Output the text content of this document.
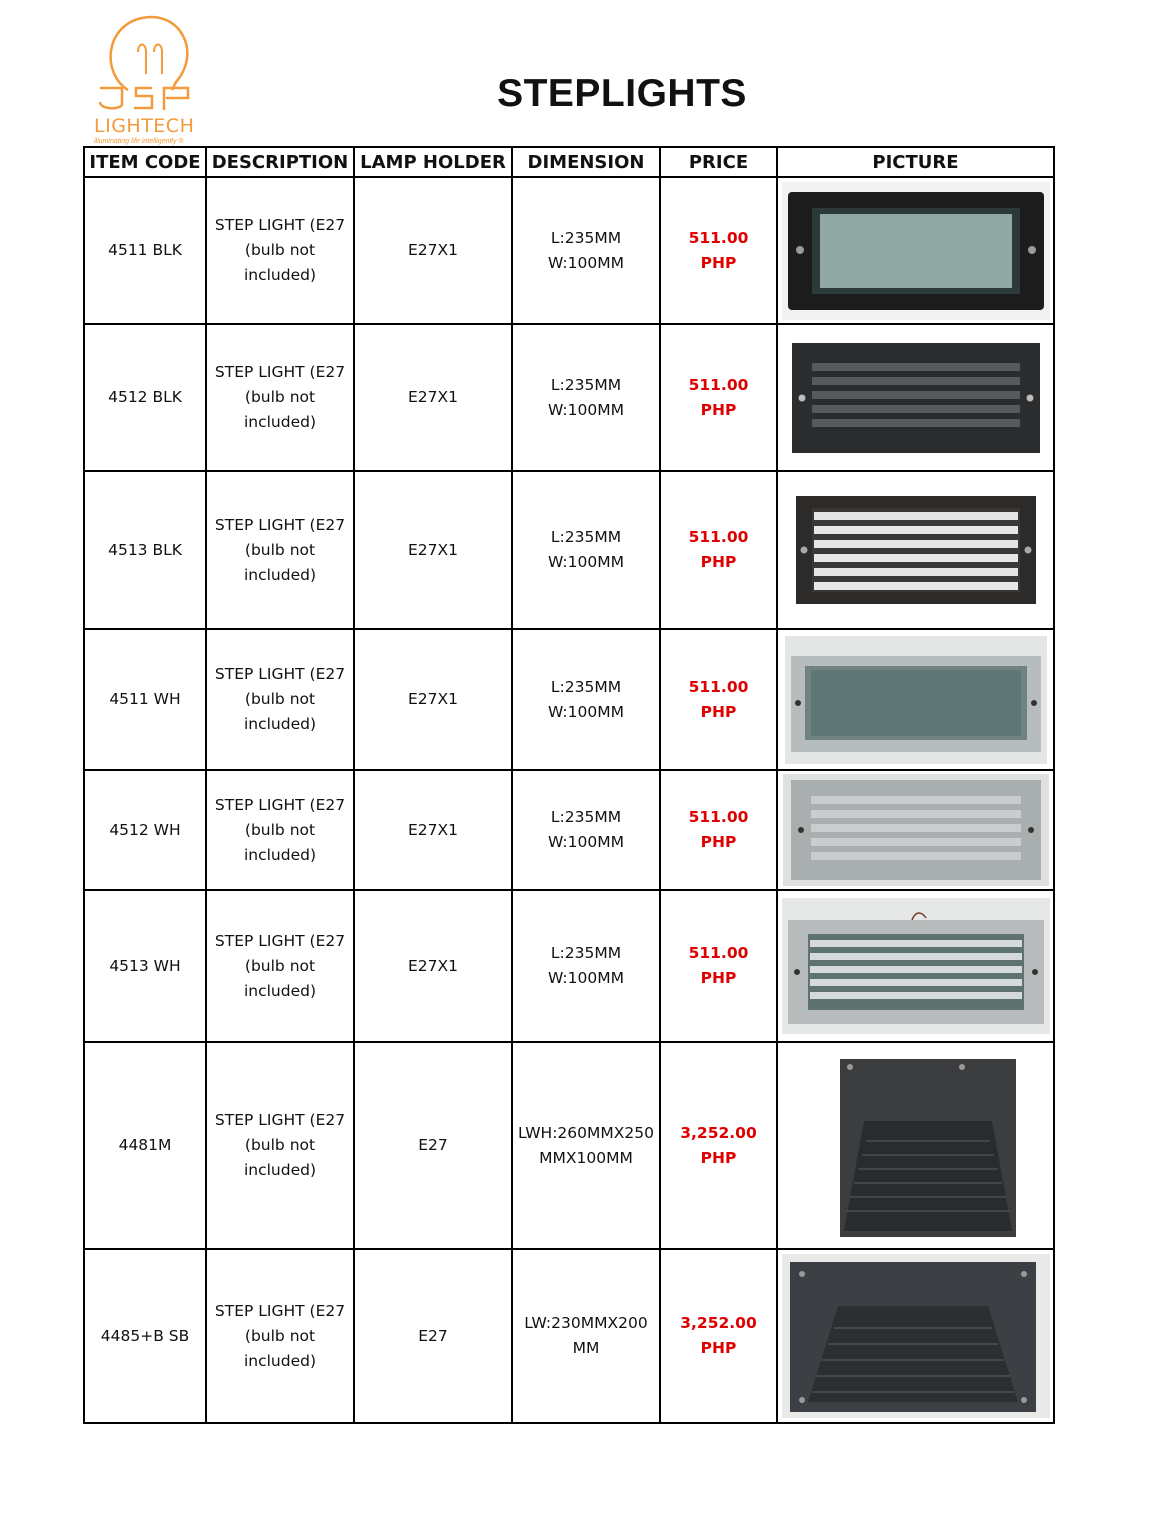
LIGHTECH
illuminating life intelligently ®
STEPLIGHTS
ITEM CODE	DESCRIPTION	LAMP HOLDER	DIMENSION	PRICE	PICTURE
4511 BLK	STEP LIGHT (E27
(bulb not
included)	E27X1	L:235MM
W:100MM	511.00
PHP	

4512 BLK	STEP LIGHT (E27
(bulb not
included)	E27X1	L:235MM
W:100MM	511.00
PHP	

4513 BLK	STEP LIGHT (E27
(bulb not
included)	E27X1	L:235MM
W:100MM	511.00
PHP	

4511 WH	STEP LIGHT (E27
(bulb not
included)	E27X1	L:235MM
W:100MM	511.00
PHP	

4512 WH	STEP LIGHT (E27
(bulb not
included)	E27X1	L:235MM
W:100MM	511.00
PHP	

4513 WH	STEP LIGHT (E27
(bulb not
included)	E27X1	L:235MM
W:100MM	511.00
PHP	

4481M	STEP LIGHT (E27
(bulb not
included)	E27	LWH:260MMX250
MMX100MM	3,252.00
PHP	

4485+B SB	STEP LIGHT (E27
(bulb not
included)	E27	LW:230MMX200
MM	3,252.00
PHP	
